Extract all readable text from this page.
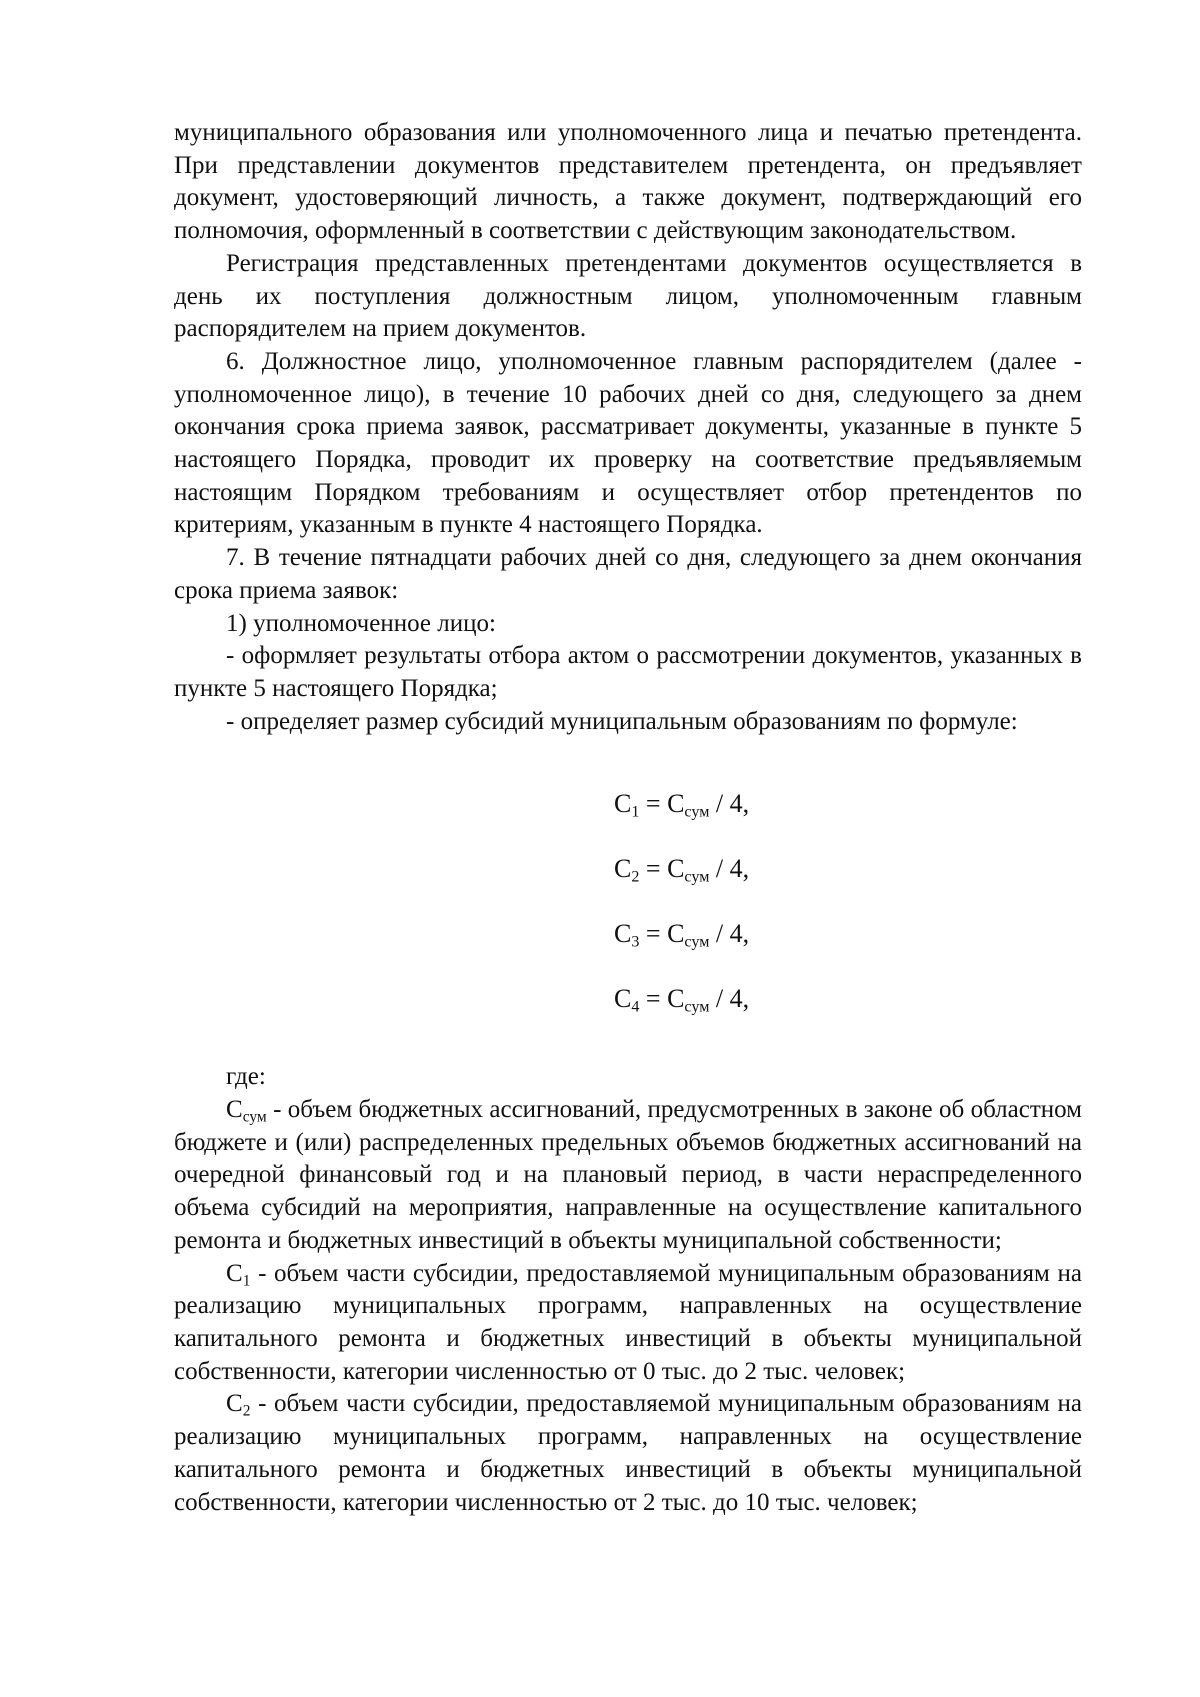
муниципального образования или уполномоченного лица и печатью претендента. При представлении документов представителем претендента, он предъявляет документ, удостоверяющий личность, а также документ, подтверждающий его полномочия, оформленный в соответствии с действующим законодательством.

Регистрация представленных претендентами документов осуществляется в день их поступления должностным лицом, уполномоченным главным распорядителем на прием документов.

6. Должностное лицо, уполномоченное главным распорядителем (далее - уполномоченное лицо), в течение 10 рабочих дней со дня, следующего за днем окончания срока приема заявок, рассматривает документы, указанные в пункте 5 настоящего Порядка, проводит их проверку на соответствие предъявляемым настоящим Порядком требованиям и осуществляет отбор претендентов по критериям, указанным в пункте 4 настоящего Порядка.

7. В течение пятнадцати рабочих дней со дня, следующего за днем окончания срока приема заявок:

1) уполномоченное лицо:

- оформляет результаты отбора актом о рассмотрении документов, указанных в пункте 5 настоящего Порядка;

- определяет размер субсидий муниципальным образованиям по формуле:

$С_1 = С_{сум} / 4$,
$С_2 = С_{сум} / 4$,
$С_3 = С_{сум} / 4$,
$С_4 = С_{сум} / 4$,

где:

$С_{сум}$ - объем бюджетных ассигнований, предусмотренных в законе об областном бюджете и (или) распределенных предельных объемов бюджетных ассигнований на очередной финансовый год и на плановый период, в части нераспределенного объема субсидий на мероприятия, направленные на осуществление капитального ремонта и бюджетных инвестиций в объекты муниципальной собственности;

$С_1$ - объем части субсидии, предоставляемой муниципальным образованиям на реализацию муниципальных программ, направленных на осуществление капитального ремонта и бюджетных инвестиций в объекты муниципальной собственности, категории численностью от 0 тыс. до 2 тыс. человек;

$С_2$ - объем части субсидии, предоставляемой муниципальным образованиям на реализацию муниципальных программ, направленных на осуществление капитального ремонта и бюджетных инвестиций в объекты муниципальной собственности, категории численностью от 2 тыс. до 10 тыс. человек;
